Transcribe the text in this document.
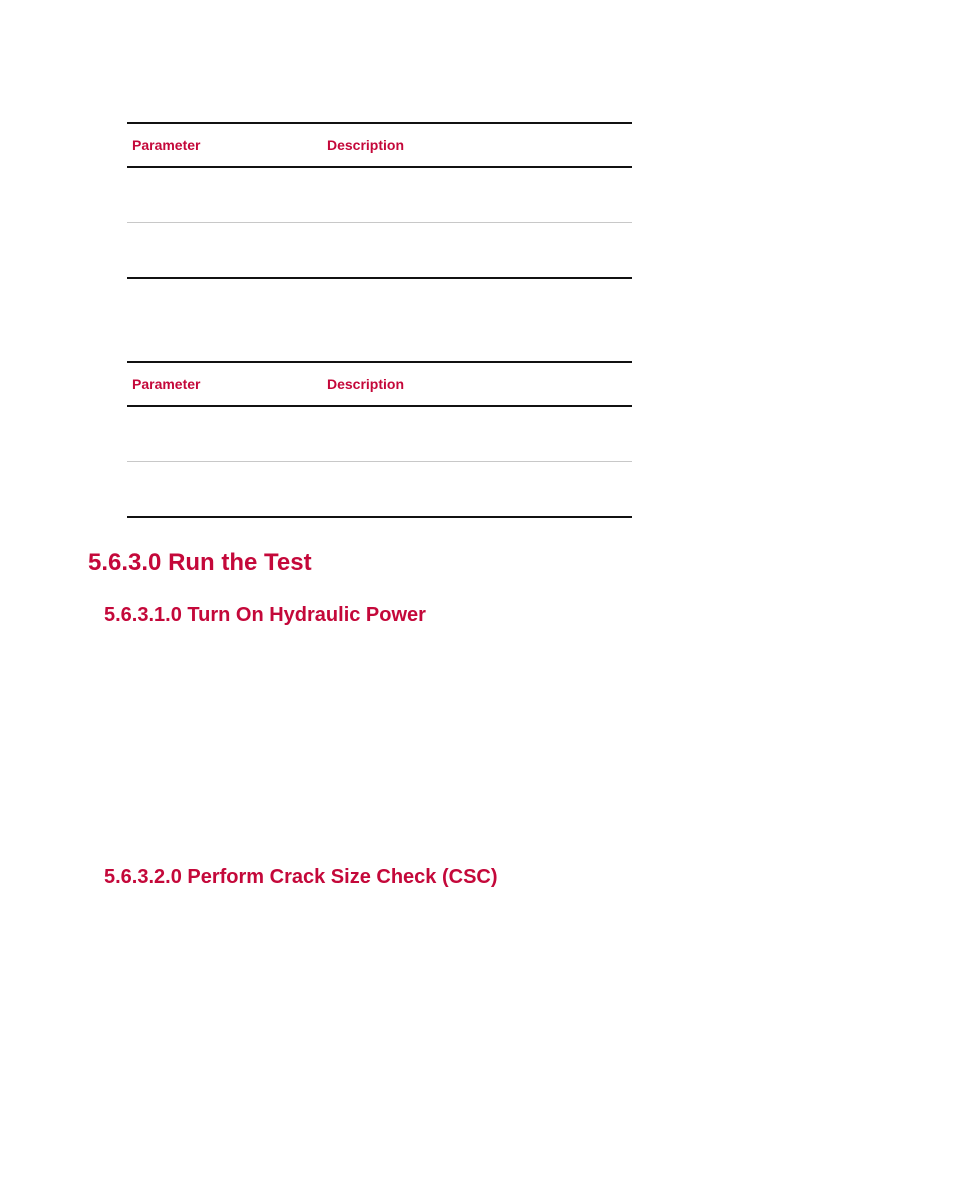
Parameter	Description

Parameter	Description

5.6.3.0 Run the Test
5.6.3.1.0 Turn On Hydraulic Power
5.6.3.2.0 Perform Crack Size Check (CSC)
